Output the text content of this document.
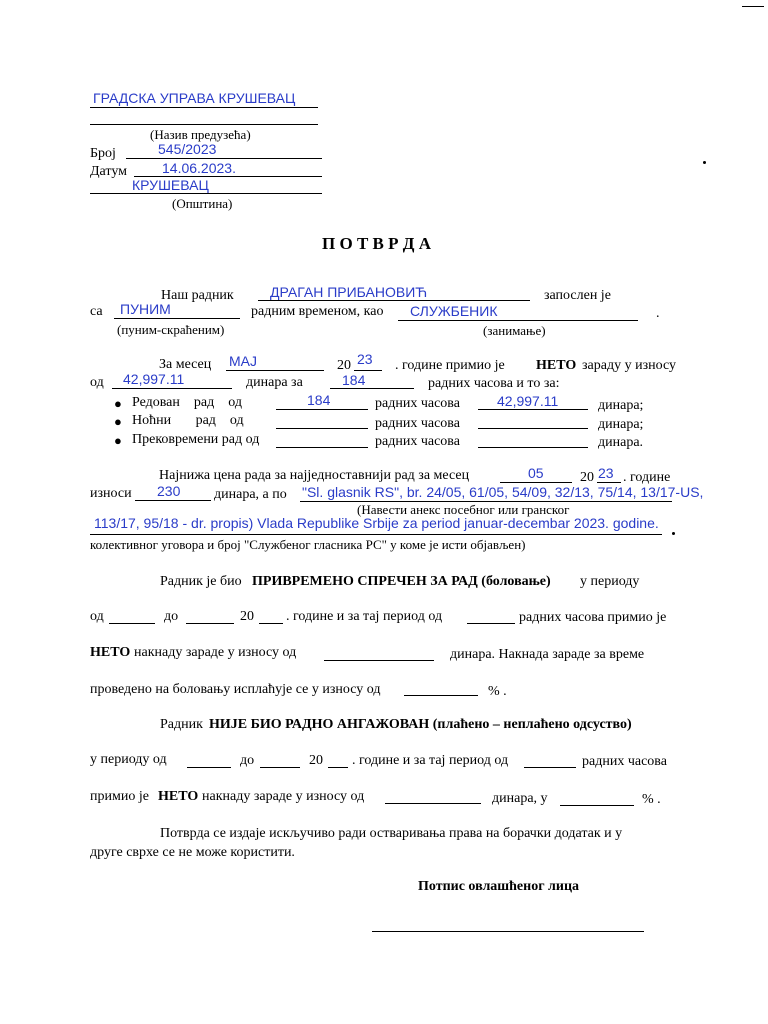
ГРАДСКА УПРАВА КРУШЕВАЦ
(Назив предузећа)
Број	545/2023
Датум 14.06.2023.
КРУШЕВАЦ
(Општина)
П О Т В Р Д А
Наш радник	ДРАГАН ПРИБАНОВИЋ	запослен је
са ПУНИМ	радним временом, као СЛУЖБЕНИК	.
(пуним-скраћеним)	(занимање)
За месец МАЈ	20 23 . године примио је НЕТО зараду у износу
од 42,997.11	динара за	184	радних часова и то за:
● Редован    рад    од	184	радних часова	42,997.11	динара;
● Ноћни       рад    од	радних часова	динара;
● Прековремени рад од	радних часова	динара.
Најнижа цена рада за најједноставнији рад за месец	05	20 23 . године
износи 230 динара, а по "Sl. glasnik RS", br. 24/05, 61/05, 54/09, 32/13, 75/14, 13/17-US,
(Навести анекс посебног или гранског
113/17, 95/18 - dr. propis) Vlada Republike Srbije za period januar-decembar 2023. godine.
колективног уговора и број "Службеног гласника РС" у коме је исти објављен)
Радник је био ПРИВРЕМЕНО СПРЕЧЕН ЗА РАД (боловање) у периоду
од	до	20 . године и за тај период од	радних часова примио је
НЕТО накнаду зараде у износу од	динара. Накнада зараде за време
проведено на боловању исплаћује се у износу од	% .
Радник НИЈЕ БИО РАДНО АНГАЖОВАН (плаћено – неплаћено одсуство)
у периоду од	до	20 . године и за тај период од	радних часова
примио је НЕТО накнаду зараде у износу од	динара, у	% .
Потврда се издаје искључиво ради остваривања права на борачки додатак и у
друге сврхе се не може користити.
Потпис овлашћеног лица
